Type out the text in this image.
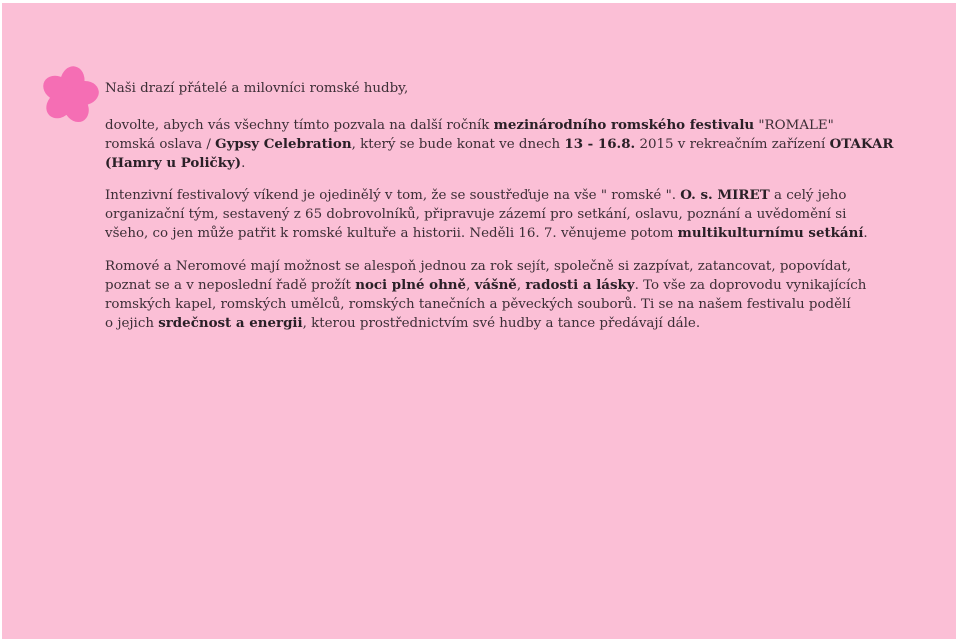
Naši drazí přátelé a milovníci romské hudby,

dovolte, abych vás všechny tímto pozvala na další ročník mezinárodního romského festivalu "ROMALE"

romská oslava / Gypsy Celebration, který se bude konat ve dnech 13 - 16.8. 2015 v rekreačním zařízení OTAKAR

(Hamry u Poličky).

Intenzivní festivalový víkend je ojedinělý v tom, že se soustřeďuje na vše " romské ". O. s. MIRET a celý jeho

organizační tým, sestavený z 65 dobrovolníků, připravuje zázemí pro setkání, oslavu, poznání a uvědomění si

všeho, co jen může patřit k romské kultuře a historii. Neděli 16. 7. věnujeme potom multikulturnímu setkání.

Romové a Neromové mají možnost se alespoň jednou za rok sejít, společně si zazpívat, zatancovat, popovídat,

poznat se a v neposlední řadě prožít noci plné ohně, vášně, radosti a lásky. To vše za doprovodu vynikajících

romských kapel, romských umělců, romských tanečních a pěveckých souborů. Ti se na našem festivalu podělí

o jejich srdečnost a energii, kterou prostřednictvím své hudby a tance předávají dále.
